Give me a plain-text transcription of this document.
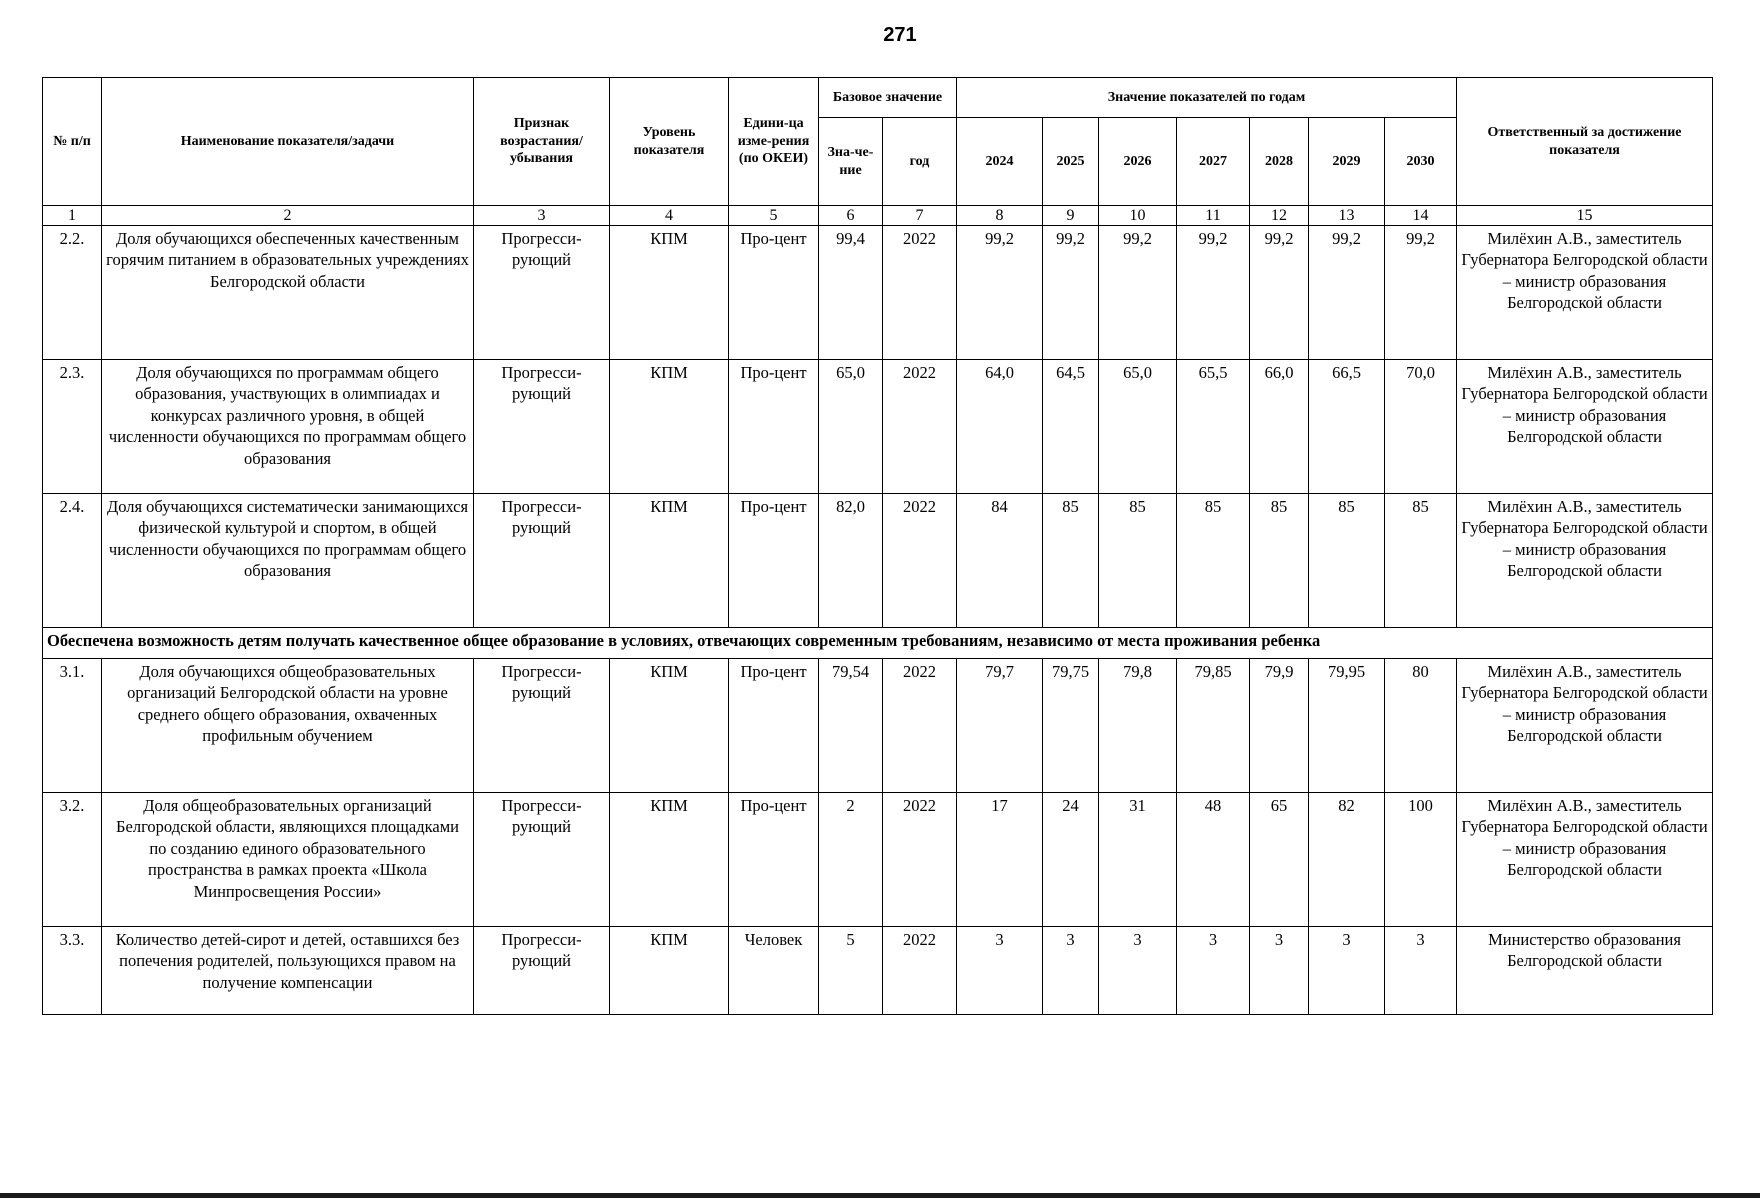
271
№ п/п	Наименование показателя/задачи	Признак возрастания/ убывания	Уровень показателя	Едини-ца изме-рения (по ОКЕИ)	Базовое значение		Значение показателей по годам							Ответственный за достижение показателя
					Зна-че-ние	год	2024	2025	2026	2027	2028	2029	2030	
1	2	3	4	5	6	7	8	9	10	11	12	13	14	15
2.2.	Доля обучающихся обеспеченных качественным горячим питанием в образовательных учреждениях Белгородской области	Прогресси-рующий	КПМ	Про-цент	99,4	2022	99,2	99,2	99,2	99,2	99,2	99,2	99,2	Милёхин А.В., заместитель Губернатора Белгородской области – министр образования Белгородской области
2.3.	Доля обучающихся по программам общего образования, участвующих в олимпиадах и конкурсах различного уровня, в общей численности обучающихся по программам общего образования	Прогресси-рующий	КПМ	Про-цент	65,0	2022	64,0	64,5	65,0	65,5	66,0	66,5	70,0	Милёхин А.В., заместитель Губернатора Белгородской области – министр образования Белгородской области
2.4.	Доля обучающихся систематически занимающихся физической культурой и спортом, в общей численности обучающихся по программам общего образования	Прогресси-рующий	КПМ	Про-цент	82,0	2022	84	85	85	85	85	85	85	Милёхин А.В., заместитель Губернатора Белгородской области – министр образования Белгородской области
Обеспечена возможность детям получать качественное общее образование в условиях, отвечающих современным требованиям, независимо от места проживания ребенка														
3.1.	Доля обучающихся общеобразовательных организаций Белгородской области на уровне среднего общего образования, охваченных профильным обучением	Прогресси-рующий	КПМ	Про-цент	79,54	2022	79,7	79,75	79,8	79,85	79,9	79,95	80	Милёхин А.В., заместитель Губернатора Белгородской области – министр образования Белгородской области
3.2.	Доля общеобразовательных организаций Белгородской области, являющихся площадками по созданию единого образовательного пространства в рамках проекта «Школа Минпросвещения России»	Прогресси-рующий	КПМ	Про-цент	2	2022	17	24	31	48	65	82	100	Милёхин А.В., заместитель Губернатора Белгородской области – министр образования Белгородской области
3.3.	Количество детей-сирот и детей, оставшихся без попечения родителей, пользующихся правом на получение компенсации	Прогресси-рующий	КПМ	Человек	5	2022	3	3	3	3	3	3	3	Министерство образования Белгородской области
